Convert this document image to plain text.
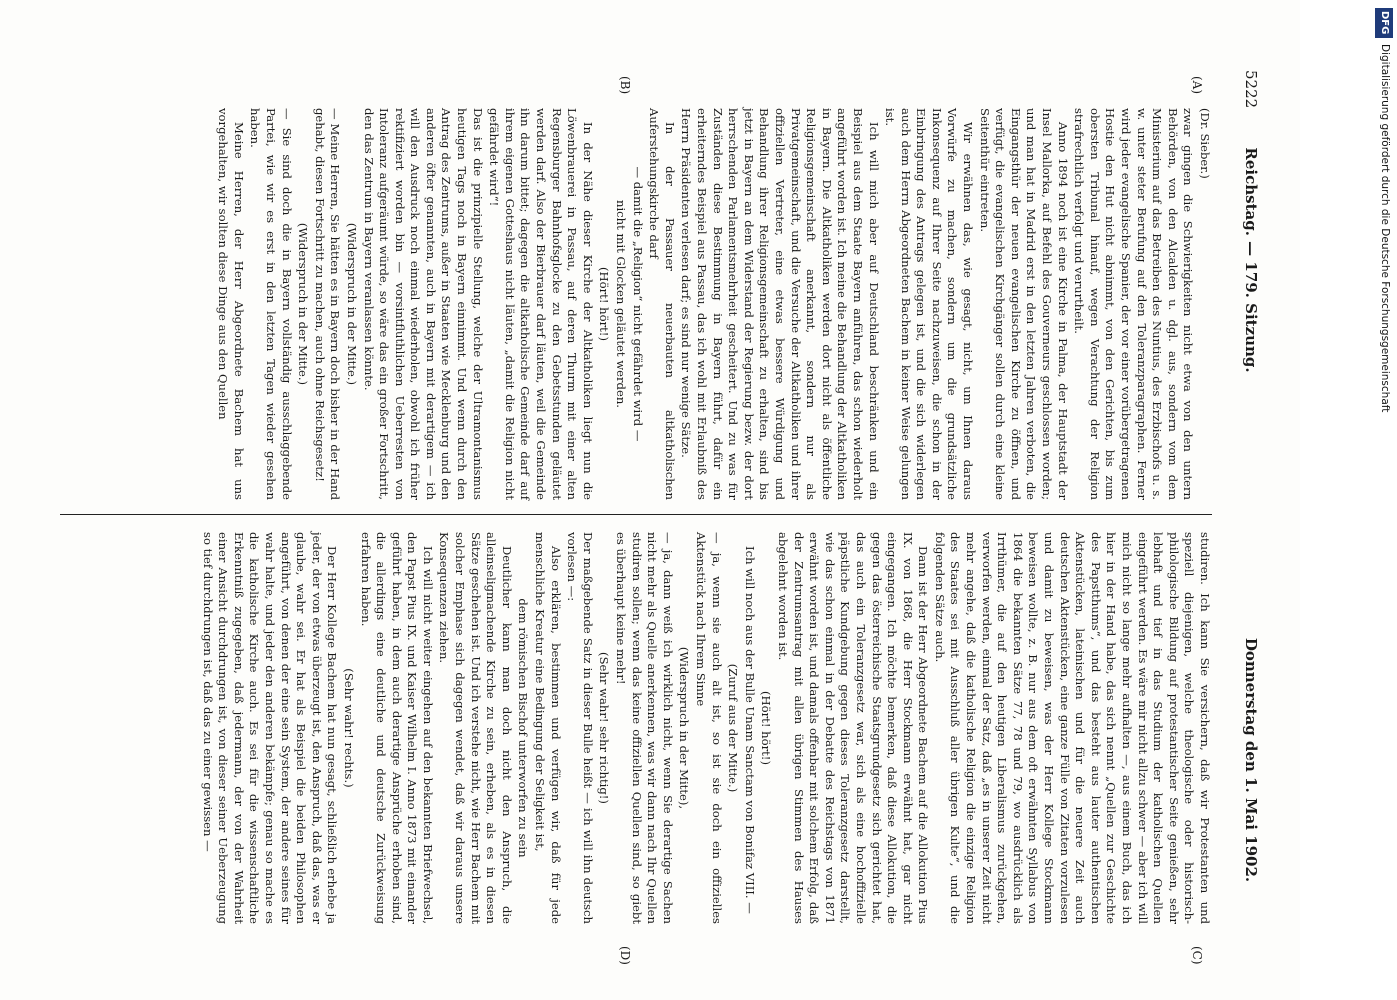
5222
Reichstag. — 179. Sitzung.
Donnerstag den 1. Mai 1902.
(A)
(B)
(C)
(D)

(Dr. Sieber.)

zwar gingen die Schwierigkeiten nicht etwa von den untern Behörden, von den Alcalden u. dgl. aus, sondern vom dem Ministerium auf das Betreiben des Nuntius, des Erzbischofs u. s. w. unter steter Berufung auf den Toleranzparagraphen. Ferner wird jeder evangelische Spanier, der vor einer vorübergetragenen Hostie den Hut nicht abnimmt, von den Gerichten, bis zum obersten Tribunal hinauf, wegen Verachtung der Religion strafrechtlich verfolgt und verurtheilt.

Anno 1894 noch ist eine Kirche in Palma, der Hauptstadt der Insel Mallorka, auf Befehl des Gouverneurs geschlossen worden; und man hat in Madrid erst in den letzten Jahren verboten, die Eingangsthür der neuen evangelischen Kirche zu öffnen, und verfügt, die evangelischen Kirchgänger sollen durch eine kleine Seitenthür eintreten.

Wir erwähnen das, wie gesagt, nicht, um Ihnen daraus Vorwürfe zu machen, sondern um die grundsätzliche Inkonsequenz auf Ihrer Seite nachzuweisen, die schon in der Einbringung des Antrags gelegen ist, und die sich widerlegen auch dem Herrn Abgeordneten Bachem in keiner Weise gelungen ist.

Ich will mich aber auf Deutschland beschränken und ein Beispiel aus dem Staate Bayern anführen, das schon wiederholt angeführt worden ist. Ich meine die Behandlung der Altkatholiken in Bayern. Die Altkatholiken werden dort nicht als öffentliche Religionsgemeinschaft anerkannt, sondern nur als Privatgemeinschaft, und die Versuche der Altkatholiken und ihrer offiziellen Vertreter, eine etwas bessere Würdigung und Behandlung ihrer Religionsgemeinschaft zu erhalten, sind bis jetzt in Bayern an dem Widerstand der Regierung bezw. der dort herrschenden Parlamentsmehrheit gescheitert. Und zu was für Zuständen diese Bestimmung in Bayern führt, dafür ein erheiterndes Beispiel aus Passau, das ich wohl mit Erlaubniß des Herrn Präsidenten verlesen darf; es sind nur wenige Sätze.

In der Passauer neuerbauten altkatholischen Auferstehungskirche darf

— damit die „Religion“ nicht gefährdet wird —

nicht mit Glocken geläutet werden.

(Hört! hört!)

In der Nähe dieser Kirche der Altkatholiken liegt nun die Löwenbrauerei in Passau, auf deren Thurm mit einer alten Regensburger Bahnhofsglocke zu den Gebetsstunden geläutet werden darf. Also der Bierbrauer darf läuten, weil die Gemeinde ihn darum bittet; dagegen die altkatholische Gemeinde darf auf ihrem eigenen Gotteshaus nicht läuten, „damit die Religion nicht gefährdet wird“!

Das ist die prinzipielle Stellung, welche der Ultramontanismus heutigen Tags noch in Bayern einnimmt. Und wenn durch den Antrag des Zentrums, außer in Staaten wie Mecklenburg und den anderen öfter genannten, auch in Bayern mit derartigem — ich will den Ausdruck noch einmal wiederholen, obwohl ich früher rektifiziert worden bin — vorsintfluthlichen Ueberresten von Intoleranz aufgeräumt würde, so wäre das ein großer Fortschritt, den das Zentrum in Bayern veranlassen könnte.

(Widerspruch in der Mitte.)

— Meine Herren, Sie hätten es in Bayern doch bisher in der Hand gehabt, diesen Fortschritt zu machen, auch ohne Reichsgesetz!

(Widerspruch in der Mitte.)

— Sie sind doch die in Bayern vollständig ausschlaggebende Partei, wie wir es erst in den letzten Tagen wieder gesehen haben.

Meine Herren, der Herr Abgeordnete Bachem hat uns vorgehalten, wir sollten diese Dinge aus den Quellen

studiren. Ich kann Sie versichern, daß wir Protestanten und speziell diejenigen, welche theologische oder historisch-philologische Bildung auf protestantischer Seite genießen, sehr lebhaft und tief in das Studium der katholischen Quellen eingeführt werden. Es wäre mir nicht allzu schwer — aber ich will mich nicht so lange mehr aufhalten —, aus einem Buch, das ich hier in der Hand habe, das sich nennt „Quellen zur Geschichte des Papstthums“, und das besteht aus lauter authentischen Aktenstücken, lateinischen und für die neuere Zeit auch deutschen Aktenstücken, eine ganze Fülle von Zitaten vorzulesen und damit zu beweisen, was der Herr Kollege Stockmann beweisen wollte, z. B. nur aus dem oft erwähnten Syllabus von 1864 die bekannten Sätze 77, 78 und 79, wo ausdrücklich als Irrthümer, die auf den heutigen Liberalismus zurückgehen, verworfen werden, einmal der Satz, daß „es in unserer Zeit nicht mehr angehe, daß die katholische Religion die einzige Religion des Staates sei mit Ausschluß aller übrigen Kulte“, und die folgenden Sätze auch.

Dann ist der Herr Abgeordnete Bachem auf die Allokution Pius IX. von 1868, die Herr Stockmann erwähnt hat, gar nicht eingegangen. Ich möchte bemerken, daß diese Allokution, die gegen das österreichische Staatsgrundgesetz sich gerichtet hat, das auch ein Toleranzgesetz war, sich als eine hochoffizielle päpstliche Kundgebung gegen dieses Toleranzgesetz darstellt, wie das schon einmal in der Debatte des Reichstags von 1871 erwähnt worden ist, und damals offenbar mit solchem Erfolg, daß der Zentrumsantrag mit allen übrigen Stimmen des Hauses abgelehnt worden ist.

(Hört! hört!)

Ich will noch aus der Bulle Unam Sanctam von Bonifaz VIII. —

(Zuruf aus der Mitte.)

— ja, wenn sie auch alt ist, so ist sie doch ein offizielles Aktenstück nach Ihrem Sinne

(Widerspruch in der Mitte),

— ja, dann weiß ich wirklich nicht, wenn Sie derartige Sachen nicht mehr als Quelle anerkennen, was wir dann nach Ihr Quellen studiren sollen; wenn das keine offiziellen Quellen sind, so giebt es überhaupt keine mehr!

(Sehr wahr! sehr richtig!)

Der maßgebende Satz in dieser Bulle heißt — ich will ihn deutsch vorlesen —:

Also erklären, bestimmen und verfügen wir, daß für jede menschliche Kreatur eine Bedingung der Seligkeit ist,

dem römischen Bischof unterworfen zu sein

Deutlicher kann man doch nicht den Anspruch, die alleinseligmachende Kirche zu sein, erheben, als es in diesen Sätze geschehen ist. Und ich verstehe nicht, wie Herr Bachem mit solcher Emphase sich dagegen wendet, daß wir daraus unsere Konsequenzen ziehen.

Ich will nicht weiter eingehen auf den bekannten Briefwechsel, den Papst Pius IX. und Kaiser Wilhelm I. Anno 1873 mit einander geführt haben, in dem auch derartige Ansprüche erhoben sind, die allerdings eine deutliche und deutsche Zurückweisung erfahren haben.

(Sehr wahr! rechts.)

Der Herr Kollege Bachem hat nun gesagt, schließlich erhebe ja jeder, der von etwas überzeugt ist, den Anspruch, daß das, was er glaube, wahr sei. Er hat als Beispiel die beiden Philosophen angeführt, von denen der eine sein System, der andere seines für wahr halte, und jeder den anderen bekämpfe; genau so mache es die katholische Kirche auch. Es sei für die wissenschaftliche Erkenntniß zugegeben, daß jedermann, der von der Wahrheit einer Ansicht durchdrungen ist, von dieser seiner Ueberzeugung so tief durchdrungen ist, daß das zu einer gewissen —

DFG
Digitalisierung gefördert durch die Deutsche Forschungsgemeinschaft
